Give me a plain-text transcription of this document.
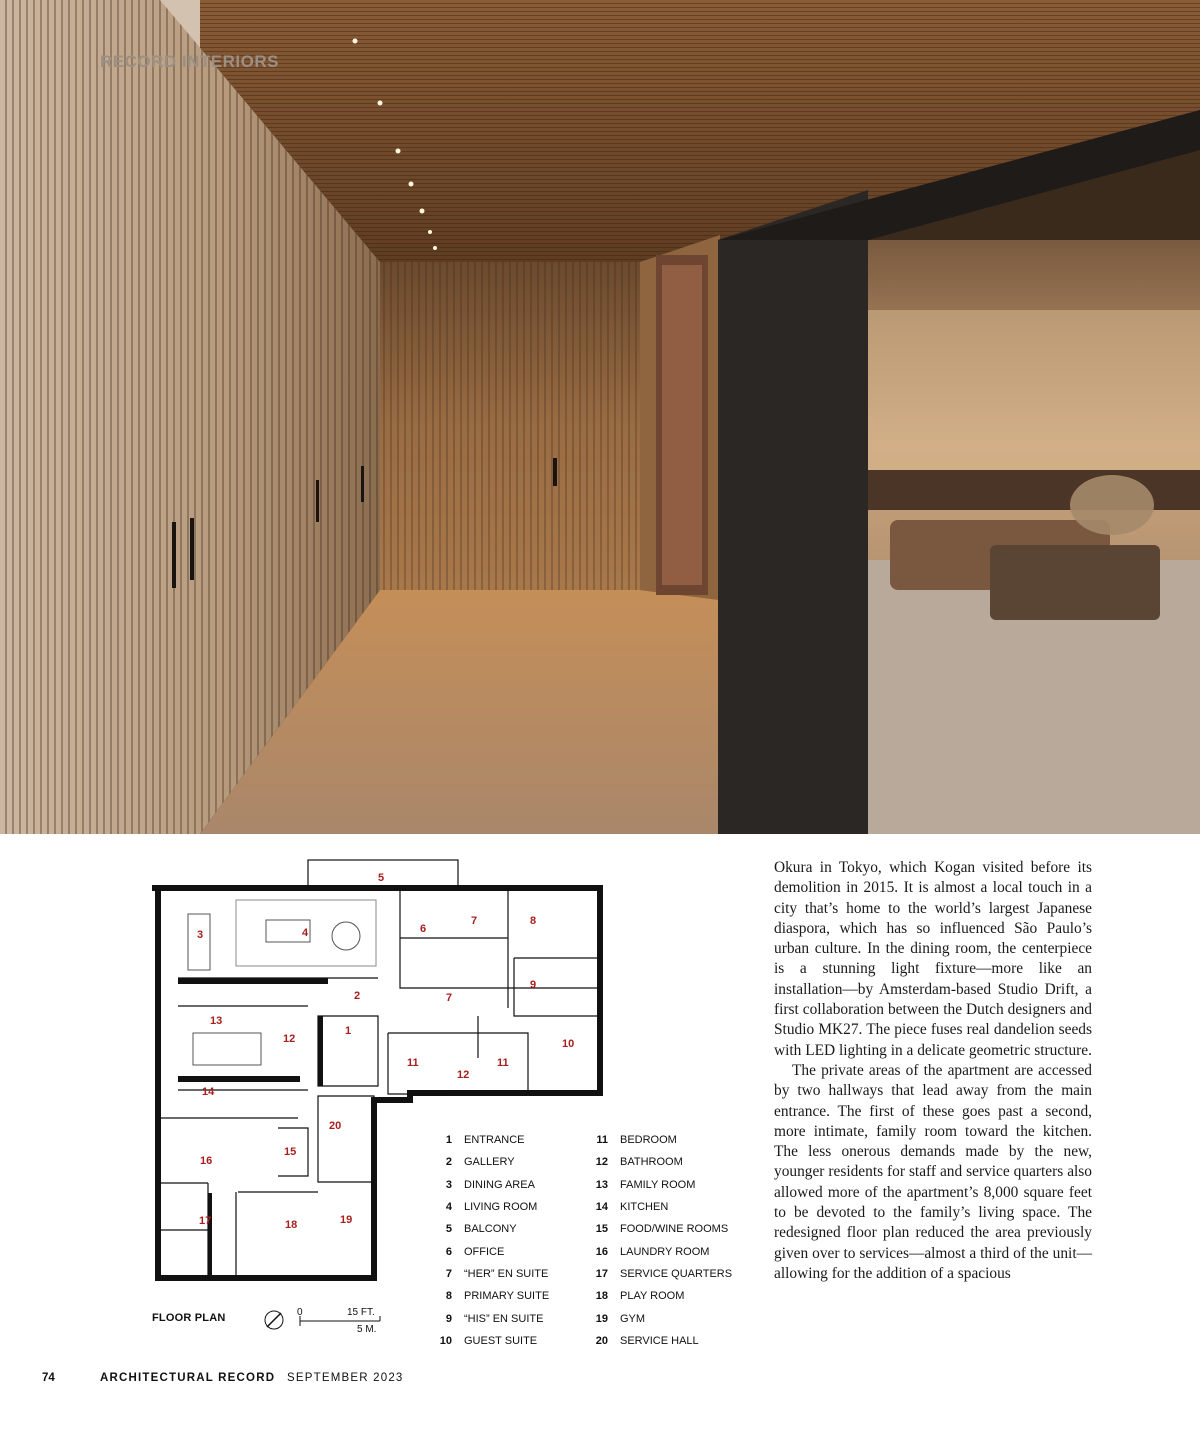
RECORD INTERIORS
5
3	4	6
7	8
9
2	7
1
13
12	10
11
12
11
14
20
16
15
17	18	19
FLOOR PLAN	0	15 FT.
5 M.
1 ENTRANCE
2 GALLERY
3 DINING AREA
4 LIVING ROOM
5 BALCONY
6 OFFICE
7 “HER” EN SUITE
8 PRIMARY SUITE
9 “HIS” EN SUITE
10 GUEST SUITE
11 BEDROOM
12 BATHROOM
13 FAMILY ROOM
14 KITCHEN
15 FOOD/WINE ROOMS
16 LAUNDRY ROOM
17 SERVICE QUARTERS
18 PLAY ROOM
19 GYM
20 SERVICE HALL

Okura in Tokyo, which Kogan visited before its demolition in 2015. It is almost a local touch in a city that’s home to the world’s largest Japanese diaspora, which has so influenced São Paulo’s urban culture. In the dining room, the centerpiece is a stunning light fixture—more like an installation—by Amsterdam-based Studio Drift, a first collaboration between the Dutch designers and Studio MK27. The piece fuses real dandelion seeds with LED lighting in a delicate geometric structure.

The private areas of the apartment are accessed by two hallways that lead away from the main entrance. The first of these goes past a second, more intimate, family room toward the kitchen. The less onerous demands made by the new, younger residents for staff and service quarters also allowed more of the apartment’s 8,000 square feet to be devoted to the family’s living space. The redesigned floor plan reduced the area previously given over to services—almost a third of the unit—allowing for the addition of a spacious

74	ARCHITECTURAL RECORD SEPTEMBER 2023
